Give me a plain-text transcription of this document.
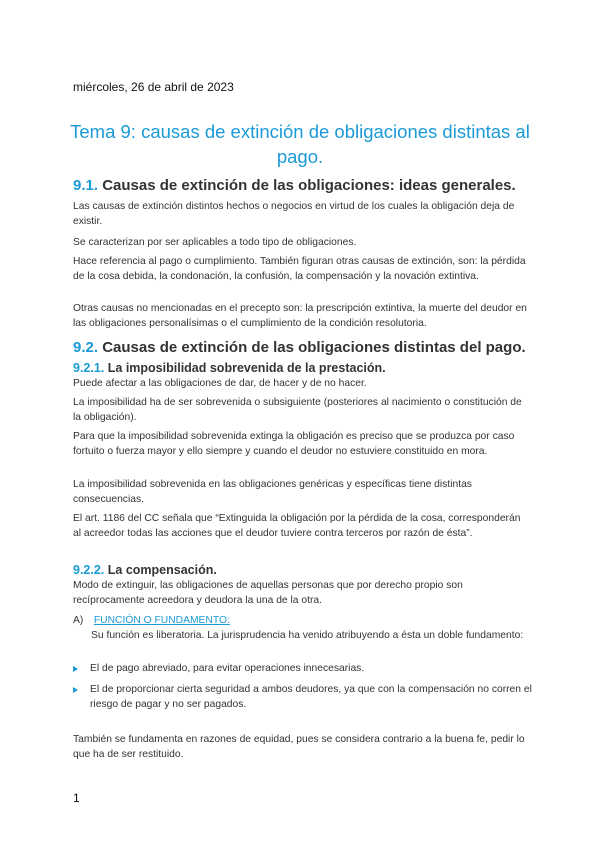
miércoles, 26 de abril de 2023
Tema 9: causas de extinción de obligaciones distintas al pago.
9.1. Causas de extinción de las obligaciones: ideas generales.

Las causas de extinción distintos hechos o negocios en virtud de los cuales la obligación deja de existir.

Se caracterizan por ser aplicables a todo tipo de obligaciones.

Hace referencia al pago o cumplimiento. También figuran otras causas de extinción, son: la pérdida de la cosa debida, la condonación, la confusión, la compensación y la novación extintiva.

Otras causas no mencionadas en el precepto son: la prescripción extintiva, la muerte del deudor en las obligaciones personalísimas o el cumplimiento de la condición resolutoria.

9.2. Causas de extinción de las obligaciones distintas del pago.
9.2.1. La imposibilidad sobrevenida de la prestación.

Puede afectar a las obligaciones de dar, de hacer y de no hacer.

La imposibilidad ha de ser sobrevenida o subsiguiente (posteriores al nacimiento o constitución de la obligación).

Para que la imposibilidad sobrevenida extinga la obligación es preciso que se produzca por caso fortuito o fuerza mayor y ello siempre y cuando el deudor no estuviere constituido en mora.

La imposibilidad sobrevenida en las obligaciones genéricas y específicas tiene distintas consecuencias.

El art. 1186 del CC señala que “Extinguida la obligación por la pérdida de la cosa, corresponderán al acreedor todas las acciones que el deudor tuviere contra terceros por razón de ésta”.

9.2.2. La compensación.

Modo de extinguir, las obligaciones de aquellas personas que por derecho propio son recíprocamente acreedora y deudora la una de la otra.

A) FUNCIÓN O FUNDAMENTO:

Su función es liberatoria. La jurisprudencia ha venido atribuyendo a ésta un doble fundamento:

El de pago abreviado, para evitar operaciones innecesarias.
El de proporcionar cierta seguridad a ambos deudores, ya que con la compensación no corren el riesgo de pagar y no ser pagados.

También se fundamenta en razones de equidad, pues se considera contrario a la buena fe, pedir lo que ha de ser restituido.

1
